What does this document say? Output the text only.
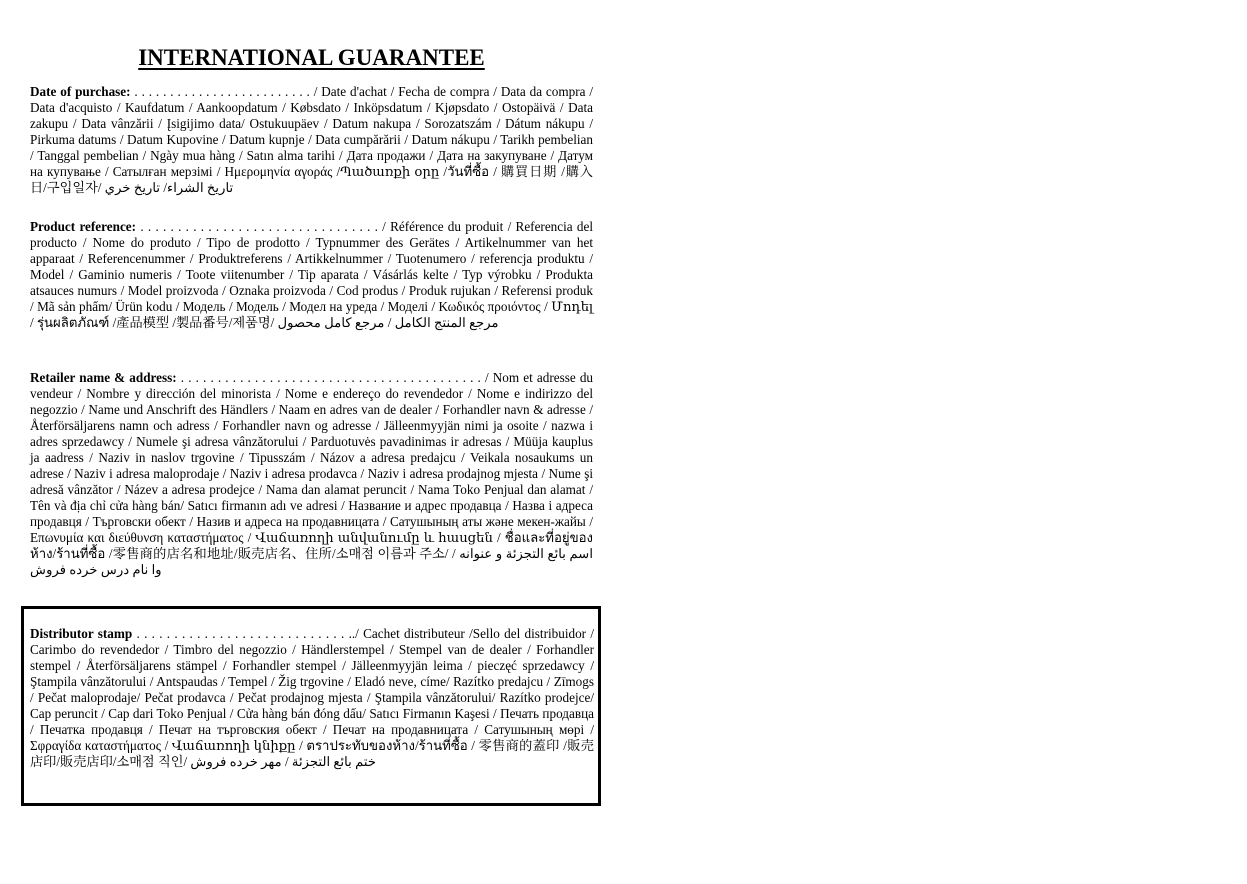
INTERNATIONAL GUARANTEE
Date of purchase: . . . . . . . . . . . . . . . . . . . . . . . . . / Date d'achat / Fecha de compra / Data da compra / Data d'acquisto / Kaufdatum / Aankoopdatum / Købsdato / Inköpsdatum / Kjøpsdato / Ostopäivä / Data zakupu / Data vânzării / Įsigijimo data/ Ostukuupäev / Datum nakupa / Sorozatszám / Dátum nákupu / Pirkuma datums / Datum Kupovine / Datum kupnje / Data cumpărării / Datum nákupu / Tarikh pembelian / Tanggal pembelian / Ngày mua hàng / Satın alma tarihi / Дата продажи / Дата на закупуване / Датум на купување / Сатылған мерзімі / Ημερομηνία αγοράς /Պածառքի օրը /วันที่ซื้อ / 購買日期 /購入日/구입일자/ تاريخ الشراء/ تاريخ خري
Product reference: . . . . . . . . . . . . . . . . . . . . . . . . . . . . . . . . / Référence du produit / Referencia del producto / Nome do produto / Tipo de prodotto / Typnummer des Gerätes / Artikelnummer van het apparaat / Referencenummer / Produktreferens / Artikkelnummer / Tuotenumero / referencja produktu / Model / Gaminio numeris / Toote viitenumber / Tip aparata / Vásárlás kelte / Typ výrobku / Produkta atsauces numurs / Model proizvoda / Oznaka proizvoda / Cod produs / Produk rujukan / Referensi produk / Mã sản phẩm/ Ürün kodu / Модель / Модель / Модел на уреда / Моделі / Κωδικός προιόντος / Մոդել / รุ่นผลิตภัณฑ์ /產品模型 /製品番号/제품명/ مرجع المنتج الكامل / مرجع كامل محصول
Retailer name & address: . . . . . . . . . . . . . . . . . . . . . . . . . . . . . . . . . . . . . . . . . / Nom et adresse du vendeur / Nombre y dirección del minorista / Nome e endereço do revendedor / Nome e indirizzo del negozzio / Name und Anschrift des Händlers / Naam en adres van de dealer / Forhandler navn & adresse / Återförsäljarens namn och adress / Forhandler navn og adresse / Jälleenmyyjän nimi ja osoite / nazwa i adres sprzedawcy / Numele şi adresa vânzătorului / Parduotuvės pavadinimas ir adresas / Müüja kauplus ja aadress / Naziv in naslov trgovine / Tipusszám / Názov a adresa predajcu / Veikala nosaukums un adrese / Naziv i adresa maloprodaje / Naziv i adresa prodavca / Naziv i adresa prodajnog mjesta / Nume şi adresă vânzător / Název a adresa prodejce / Nama dan alamat peruncit / Nama Toko Penjual dan alamat / Tên và địa chỉ cửa hàng bán/ Satıcı firmanın adı ve adresi / Название и адрес продавца / Назва і адреса продавця / Търговски обект / Назив и адреса на продавницата / Сатушының аты және мекен-жайы / Επωνυμία και διεύθυνση καταστήματος / Վաճառողի անվանումը և հասցեն / ชื่อและที่อยู่ของห้าง/ร้านที่ซื้อ /零售商的店名和地址/販売店名、住所/소매점 이름과 주소/ اسم بائع التجزئة و عنوانه /وا نام درس خرده فروش
Distributor stamp . . . . . . . . . . . . . . . . . . . . . . . . . . . . ../ Cachet distributeur /Sello del distribuidor / Carimbo do revendedor / Timbro del negozzio / Händlerstempel / Stempel van de dealer / Forhandler stempel / Återförsäljarens stämpel / Forhandler stempel / Jälleenmyyjän leima / pieczęć sprzedawcy / Ştampila vânzătorului / Antspaudas / Tempel / Žig trgovine / Eladó neve, címe/ Razítko predajcu / Zīmogs / Pečat maloprodaje/ Pečat prodavca / Pečat prodajnog mjesta / Ştampila vânzătorului/ Razítko prodejce/ Cap peruncit / Cap dari Toko Penjual / Cửa hàng bán đóng dấu/ Satıcı Firmanın Kaşesi / Печать продавца / Печатка продавця / Печат на търговския обект / Печат на продавницата / Сатушының мөрі / Σφραγίδα καταστήματος / Վաճառողի կնիքը / ตราประทับของห้าง/ร้านที่ซื้อ / 零售商的蓋印 /販売店印/販売店印/소매점 직인/ ختم بائع التجزئة / مهر خرده فروش
